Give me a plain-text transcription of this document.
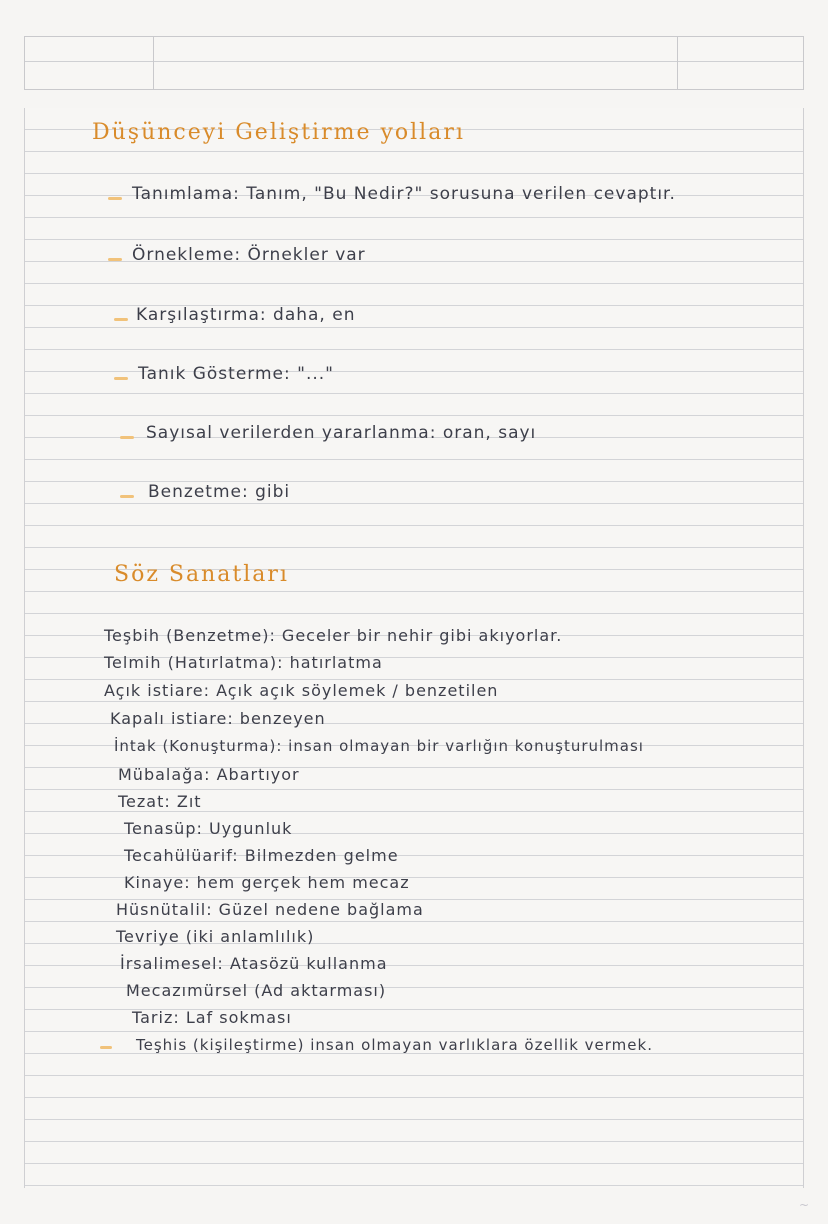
Düşünceyi Geliştirme yolları
Tanımlama: Tanım, "Bu Nedir?" sorusuna verilen cevaptır.
Örnekleme: Örnekler var
Karşılaştırma: daha, en
Tanık Gösterme: "..."
Sayısal verilerden yararlanma: oran, sayı
Benzetme: gibi
Söz Sanatları
Teşbih (Benzetme): Geceler bir nehir gibi akıyorlar.
Telmih (Hatırlatma): hatırlatma
Açık istiare: Açık açık söylemek / benzetilen
Kapalı istiare: benzeyen
İntak (Konuşturma): insan olmayan bir varlığın konuşturulması
Mübalağa: Abartıyor
Tezat: Zıt
Tenasüp: Uygunluk
Tecahülüarif: Bilmezden gelme
Kinaye: hem gerçek hem mecaz
Hüsnütalil: Güzel nedene bağlama
Tevriye (iki anlamlılık)
İrsalimesel: Atasözü kullanma
Mecazımürsel (Ad aktarması)
Tariz: Laf sokması
Teşhis (kişileştirme) insan olmayan varlıklara özellik vermek.
~
